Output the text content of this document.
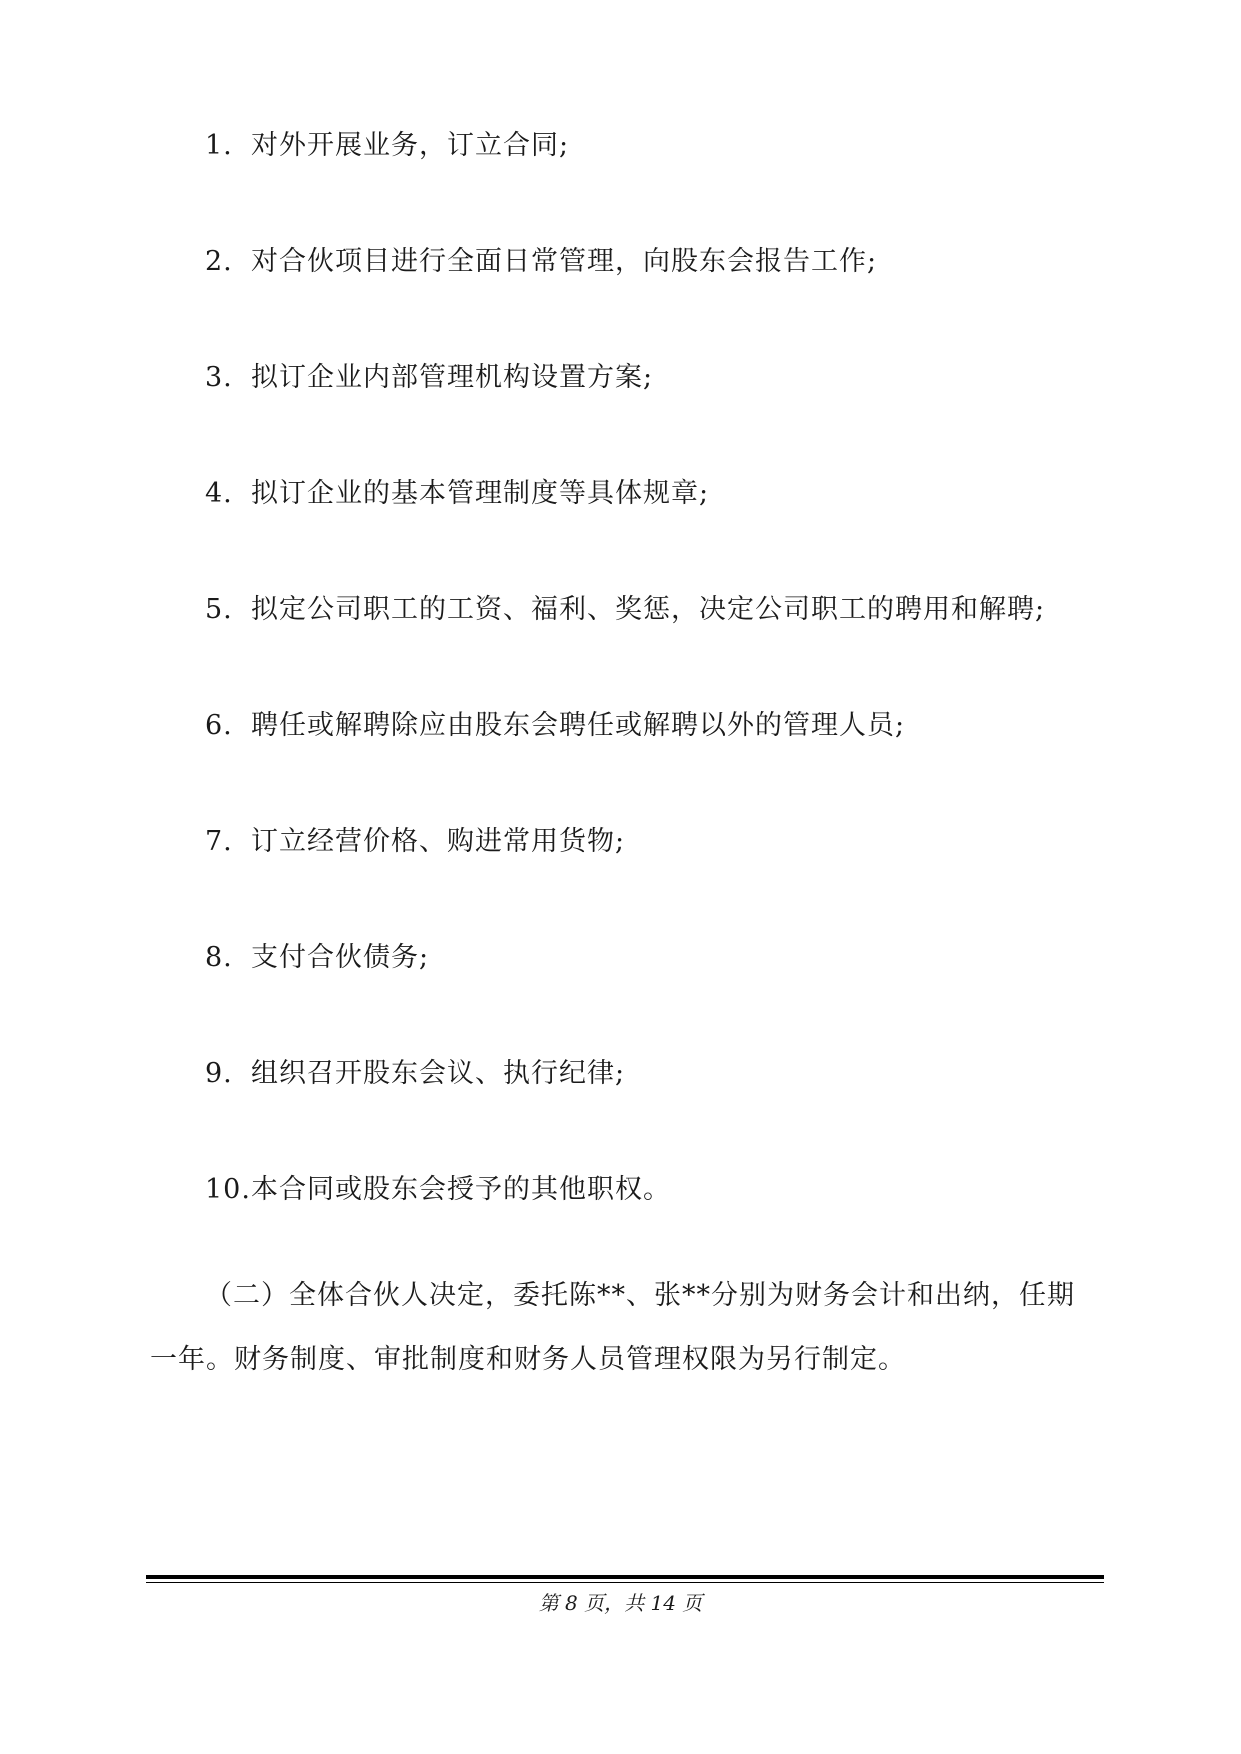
1. 对外开展业务，订立合同;
2. 对合伙项目进行全面日常管理，向股东会报告工作;
3. 拟订企业内部管理机构设置方案;
4. 拟订企业的基本管理制度等具体规章;
5. 拟定公司职工的工资、福利、奖惩，决定公司职工的聘用和解聘;
6. 聘任或解聘除应由股东会聘任或解聘以外的管理人员;
7. 订立经营价格、购进常用货物;
8. 支付合伙债务;
9. 组织召开股东会议、执行纪律;
10.本合同或股东会授予的其他职权。
（二）全体合伙人决定，委托陈**、张**分别为财务会计和出纳，任期
一年。财务制度、审批制度和财务人员管理权限为另行制定。
第 8 页，共 14 页
